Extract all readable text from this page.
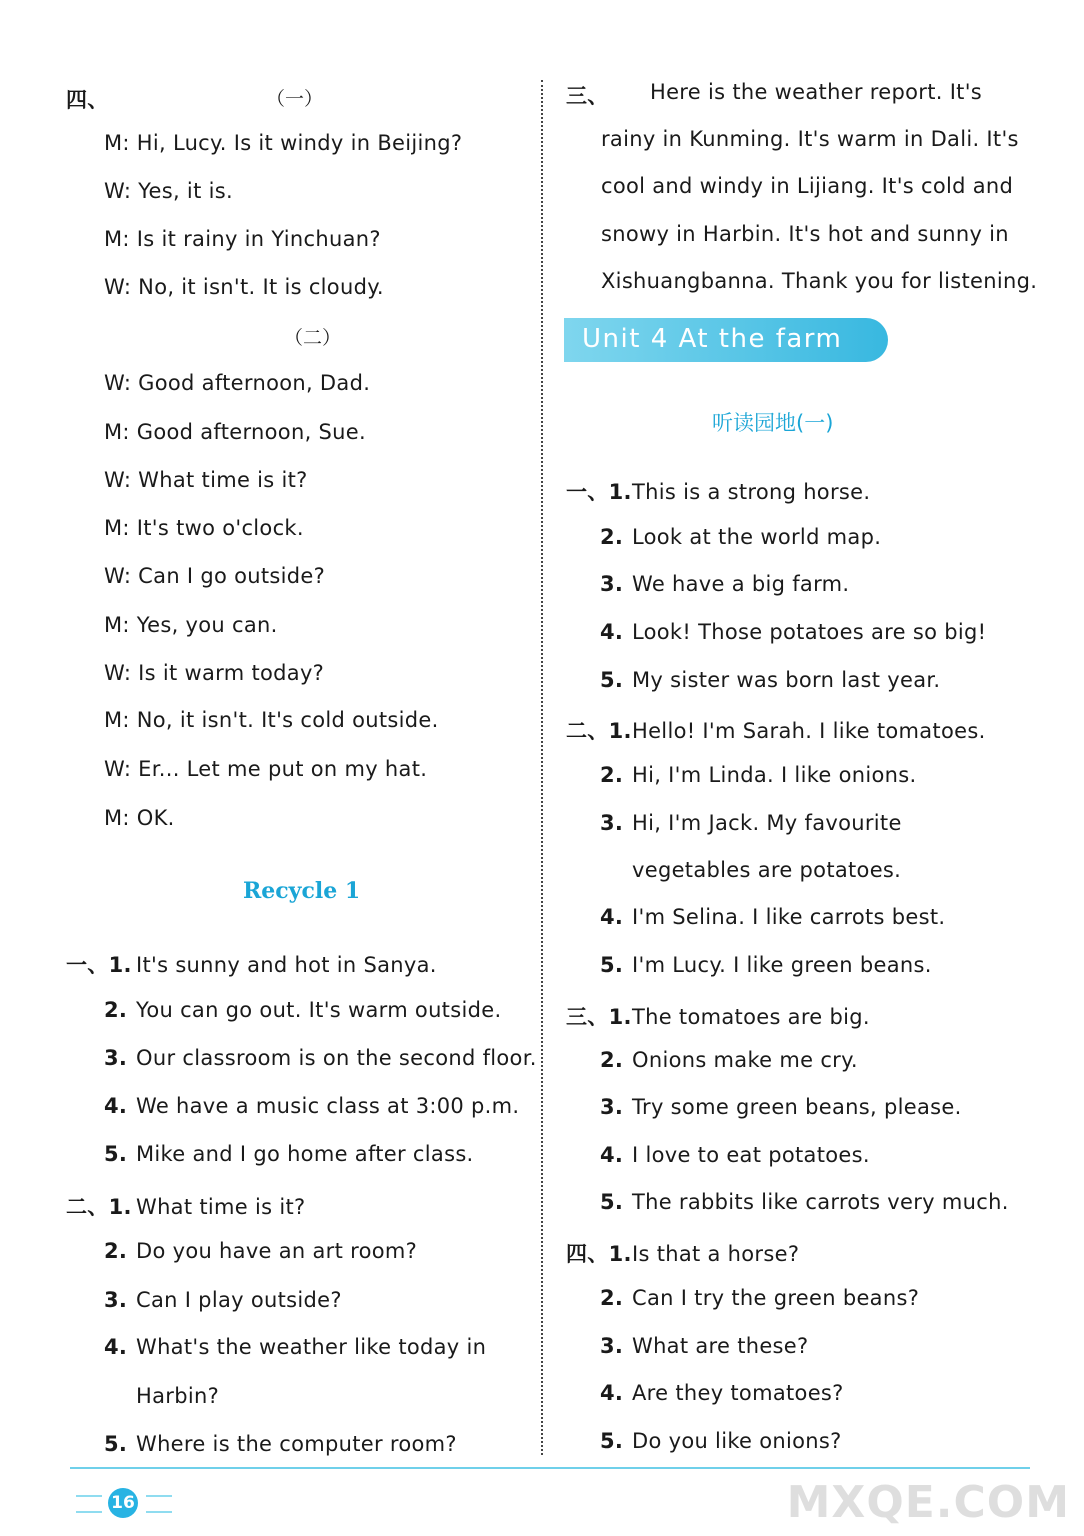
四、	（一）
M: Hi, Lucy. Is it windy in Beijing?
W: Yes, it is.
M: Is it rainy in Yinchuan?
W: No, it isn't. It is cloudy.
（二）
W: Good afternoon, Dad.
M: Good afternoon, Sue.
W: What time is it?
M: It's two o'clock.
W: Can I go outside?
M: Yes, you can.
W: Is it warm today?
M: No, it isn't. It's cold outside.
W: Er... Let me put on my hat.
M: OK.
Recycle 1
一、1. It's sunny and hot in Sanya.
2. You can go out. It's warm outside.
3. Our classroom is on the second floor.
4. We have a music class at 3:00 p.m.
5. Mike and I go home after class.
二、1. What time is it?
2. Do you have an art room?
3. Can I play outside?
4. What's the weather like today in
Harbin?
5. Where is the computer room?
三、 Here is the weather report. It's
rainy in Kunming. It's warm in Dali. It's
cool and windy in Lijiang. It's cold and
snowy in Harbin. It's hot and sunny in
Xishuangbanna. Thank you for listening.
Unit 4 At the farm
听读园地(一)
一、1.This is a strong horse.
2. Look at the world map.
3. We have a big farm.
4. Look! Those potatoes are so big!
5. My sister was born last year.
二、1.Hello! I'm Sarah. I like tomatoes.
2. Hi, I'm Linda. I like onions.
3. Hi, I'm Jack. My favourite
vegetables are potatoes.
4. I'm Selina. I like carrots best.
5. I'm Lucy. I like green beans.
三、1.The tomatoes are big.
2. Onions make me cry.
3. Try some green beans, please.
4. I love to eat potatoes.
5. The rabbits like carrots very much.
四、1.Is that a horse?
2. Can I try the green beans?
3. What are these?
4. Are they tomatoes?
5. Do you like onions?
16	MXQE.COM
